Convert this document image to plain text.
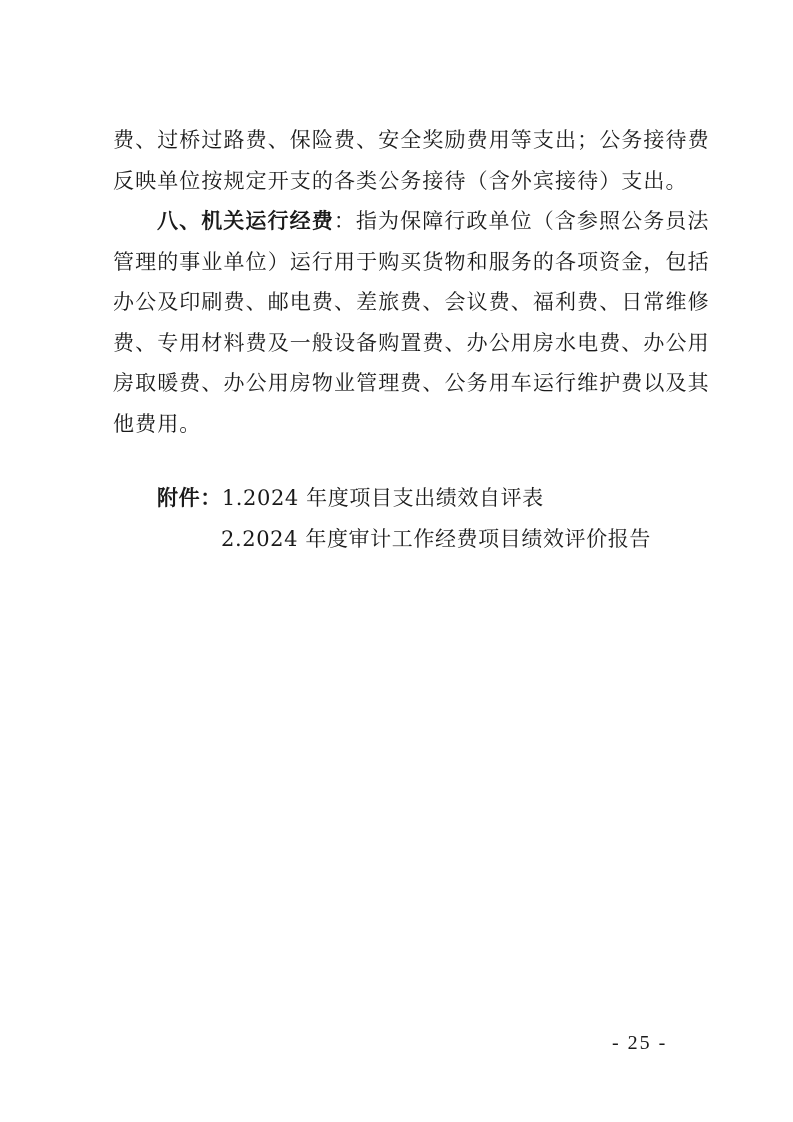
费、过桥过路费、保险费、安全奖励费用等支出；公务接待费
反映单位按规定开支的各类公务接待（含外宾接待）支出。
八、机关运行经费：指为保障行政单位（含参照公务员法
管理的事业单位）运行用于购买货物和服务的各项资金，包括
办公及印刷费、邮电费、差旅费、会议费、福利费、日常维修
费、专用材料费及一般设备购置费、办公用房水电费、办公用
房取暖费、办公用房物业管理费、公务用车运行维护费以及其
他费用。
附件：1.2024 年度项目支出绩效自评表
2.2024 年度审计工作经费项目绩效评价报告
- 25 -
